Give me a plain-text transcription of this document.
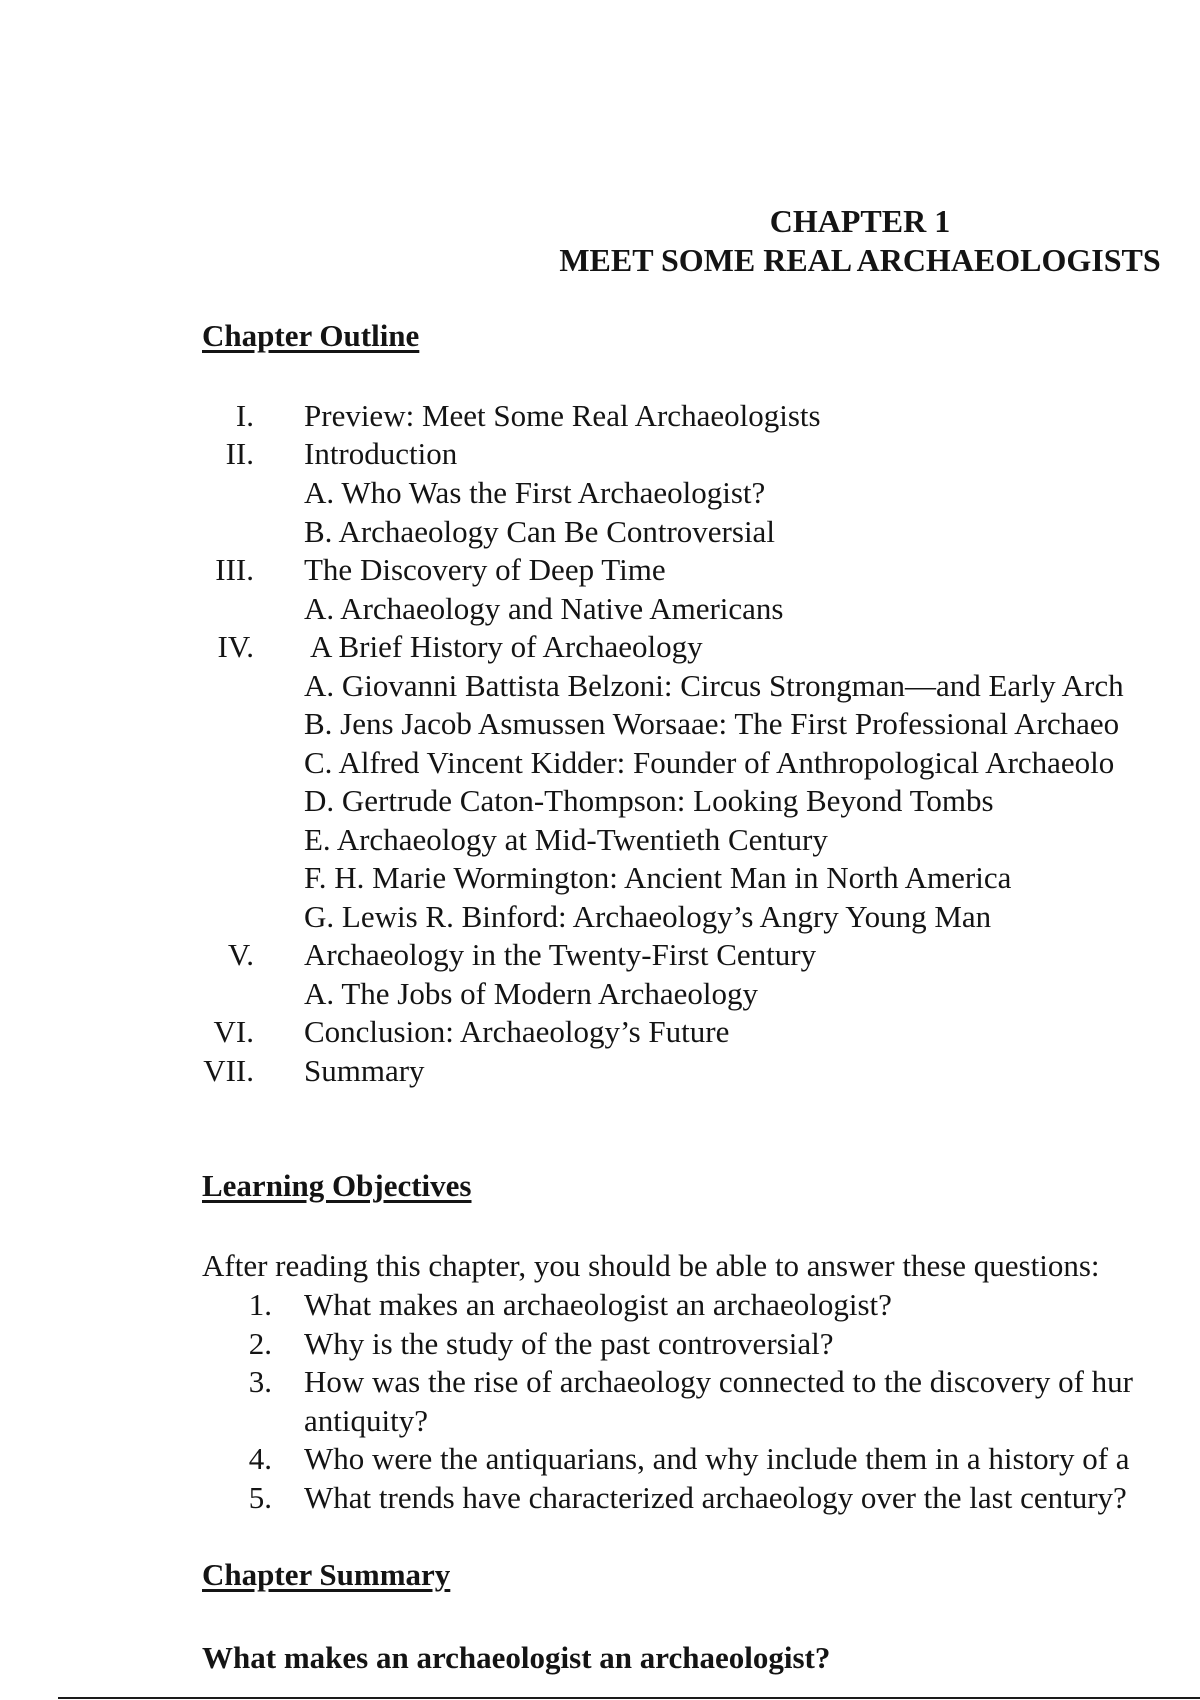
CHAPTER 1
MEET SOME REAL ARCHAEOLOGISTS
Chapter Outline
I. Preview: Meet Some Real Archaeologists
II. Introduction
A. Who Was the First Archaeologist?
B. Archaeology Can Be Controversial
III. The Discovery of Deep Time
A. Archaeology and Native Americans
IV. A Brief History of Archaeology
A. Giovanni Battista Belzoni: Circus Strongman—and Early Arch
B. Jens Jacob Asmussen Worsaae: The First Professional Archaeo
C. Alfred Vincent Kidder: Founder of Anthropological Archaeolo
D. Gertrude Caton-Thompson: Looking Beyond Tombs
E. Archaeology at Mid-Twentieth Century
F. H. Marie Wormington: Ancient Man in North America
G. Lewis R. Binford: Archaeology’s Angry Young Man
V. Archaeology in the Twenty-First Century
A. The Jobs of Modern Archaeology
VI. Conclusion: Archaeology’s Future
VII. Summary
Learning Objectives
After reading this chapter, you should be able to answer these questions:
1. What makes an archaeologist an archaeologist?
2. Why is the study of the past controversial?
3. How was the rise of archaeology connected to the discovery of hur
antiquity?
4. Who were the antiquarians, and why include them in a history of a
5. What trends have characterized archaeology over the last century?
Chapter Summary
What makes an archaeologist an archaeologist?
